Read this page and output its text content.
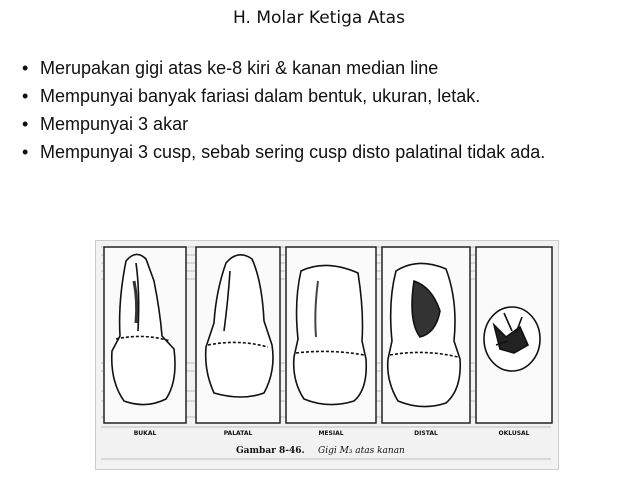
H. Molar Ketiga Atas
• Merupakan gigi atas ke-8 kiri & kanan median line
• Mempunyai banyak fariasi dalam bentuk, ukuran, letak.
• Mempunyai 3 akar
• Mempunyai 3 cusp, sebab sering cusp disto palatinal tidak ada.
BUKAL	PALATAL	MESIAL	DISTAL	OKLUSAL
Gambar 8-46. Gigi M₃ atas kanan
